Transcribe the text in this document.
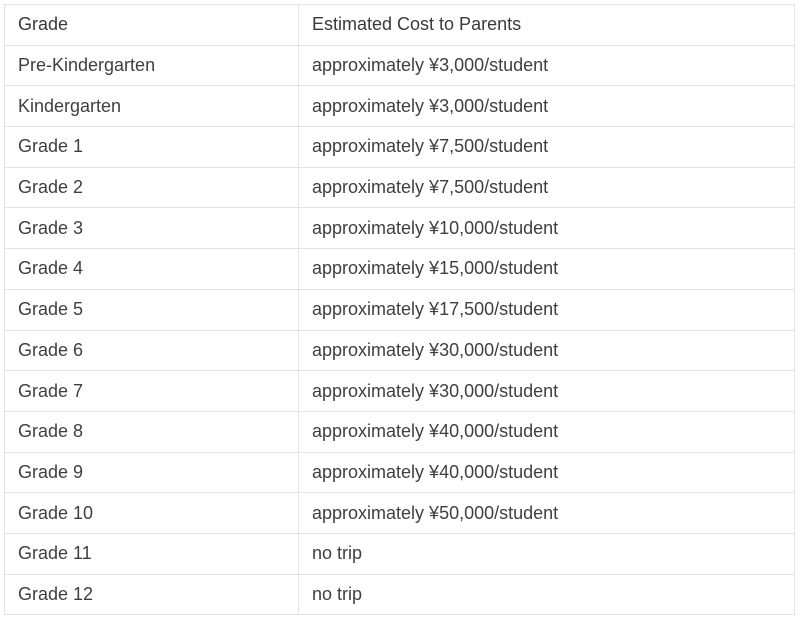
Grade	Estimated Cost to Parents
Pre-Kindergarten	approximately ¥3,000/student
Kindergarten	approximately ¥3,000/student
Grade 1	approximately ¥7,500/student
Grade 2	approximately ¥7,500/student
Grade 3	approximately ¥10,000/student
Grade 4	approximately ¥15,000/student
Grade 5	approximately ¥17,500/student
Grade 6	approximately ¥30,000/student
Grade 7	approximately ¥30,000/student
Grade 8	approximately ¥40,000/student
Grade 9	approximately ¥40,000/student
Grade 10	approximately ¥50,000/student
Grade 11	no trip
Grade 12	no trip
